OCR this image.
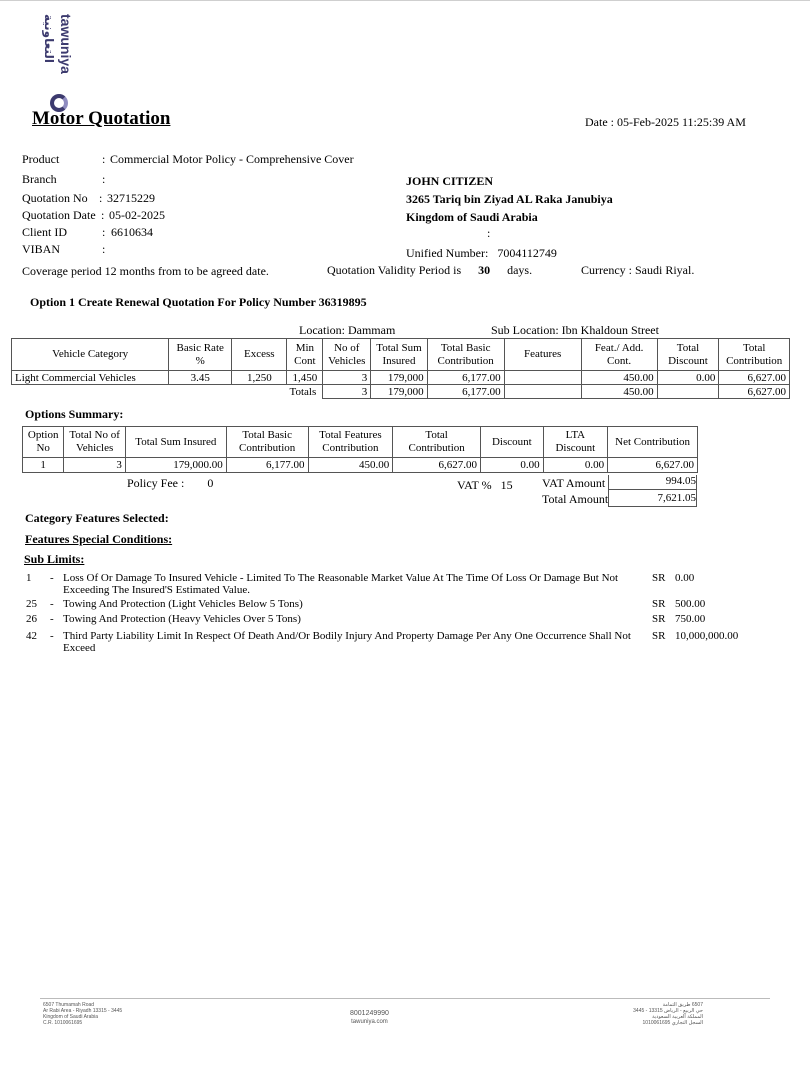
tawuniya
التعاونية
Motor Quotation	Date : 05-Feb-2025 11:25:39 AM
Product	: Commercial Motor Policy - Comprehensive Cover
Branch	:
Quotation No : 32715229
Quotation Date : 05-02-2025
Client ID	: 6610634
VIBAN	:
JOHN CITIZEN
3265 Tariq bin Ziyad AL Raka Janubiya
Kingdom of Saudi Arabia
:
Unified Number: 7004112749
Coverage period 12 months from to be agreed date.	Quotation Validity Period is 30 days.	Currency : Saudi Riyal.
Option 1 Create Renewal Quotation For Policy Number 36319895
Location: Dammam	Sub Location: Ibn Khaldoun Street
Vehicle Category	Basic Rate %	Excess	Min Cont	No of Vehicles	Total Sum Insured	Total Basic Contribution	Features	Feat./ Add. Cont.	Total Discount	Total Contribution
Light Commercial Vehicles	3.45	1,250	1,450	3	179,000	6,177.00		450.00	0.00	6,627.00
			Totals	3	179,000	6,177.00		450.00		6,627.00
Options Summary:
Option No	Total No of Vehicles	Total Sum Insured	Total Basic Contribution	Total Features Contribution	Total Contribution	Discount	LTA Discount	Net Contribution
1	3	179,000.00	6,177.00	450.00	6,627.00	0.00	0.00	6,627.00
Policy Fee : 0	VAT % 15 VAT Amount	994.05
Total Amount	7,621.05
Category Features Selected:
Features Special Conditions:
Sub Limits:
1 - Loss Of Or Damage To Insured Vehicle - Limited To The Reasonable Market Value At The Time Of Loss Or Damage But Not
Exceeding The Insured'S Estimated Value.
SR 0.00
25 - Towing And Protection (Light Vehicles Below 5 Tons)	SR 500.00
26 - Towing And Protection (Heavy Vehicles Over 5 Tons)	SR 750.00
42 - Third Party Liability Limit In Respect Of Death And/Or Bodily Injury And Property Damage Per Any One Occurrence Shall Not
Exceed
SR 10,000,000.00
6507 Thumamah Road
Ar Rabi Area - Riyadh 13315 - 3445
Kingdom of Saudi Arabia
C.R. 1010061695
8001249990
tawuniya.com
6507 طريق الثمامة
حي الربيع - الرياض 13315 - 3445
المملكة العربية السعودية
السجل التجاري 1010061695
